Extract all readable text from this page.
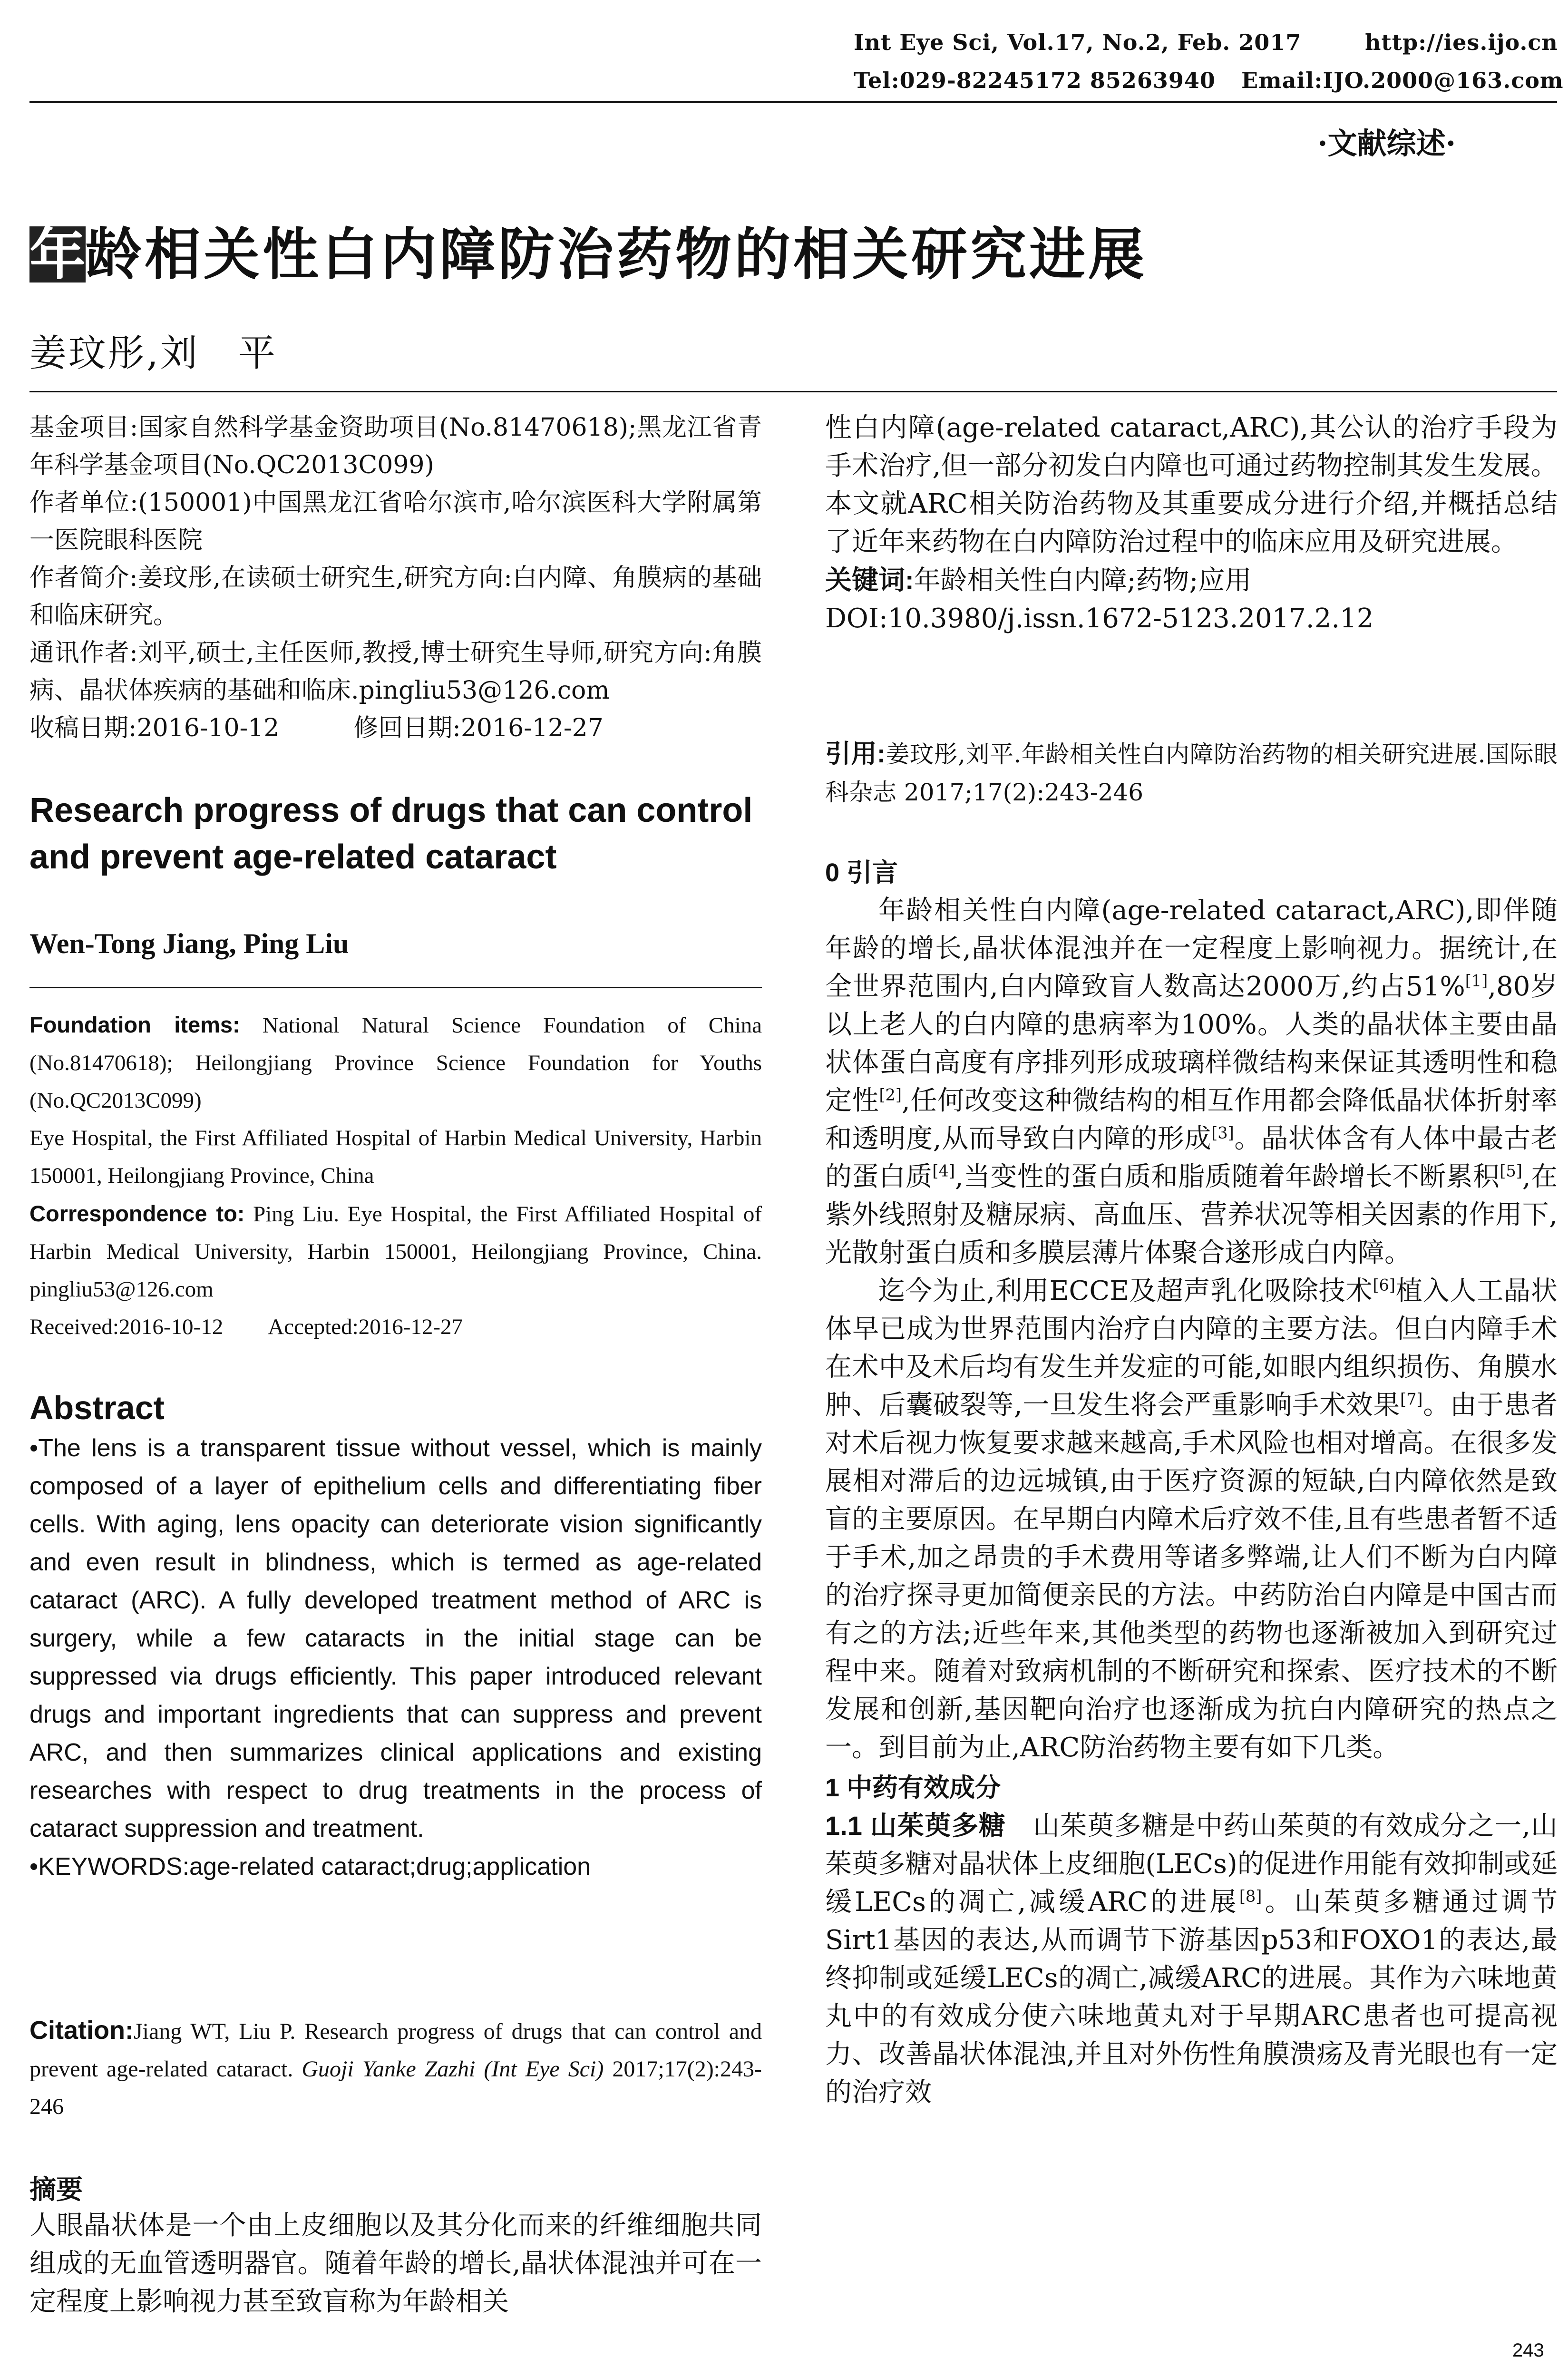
Int Eye Sci, Vol.17, No.2, Feb. 2017	http://ies.ijo.cn
Tel:029-82245172 85263940 Email:IJO.2000@163.com
·文献综述·
年龄相关性白内障防治药物的相关研究进展
姜玟彤,刘　平

基金项目:国家自然科学基金资助项目(No.81470618);黑龙江省青年科学基金项目(No.QC2013C099)

作者单位:(150001)中国黑龙江省哈尔滨市,哈尔滨医科大学附属第一医院眼科医院

作者简介:姜玟彤,在读硕士研究生,研究方向:白内障、角膜病的基础和临床研究。

通讯作者:刘平,硕士,主任医师,教授,博士研究生导师,研究方向:角膜病、晶状体疾病的基础和临床.pingliu53@126.com

收稿日期:2016-10-12　　　修回日期:2016-12-27

Research progress of drugs that can control and prevent age-related cataract
Wen-Tong Jiang, Ping Liu

Foundation items: National Natural Science Foundation of China (No.81470618); Heilongjiang Province Science Foundation for Youths (No.QC2013C099)

Eye Hospital, the First Affiliated Hospital of Harbin Medical University, Harbin 150001, Heilongjiang Province, China

Correspondence to: Ping Liu. Eye Hospital, the First Affiliated Hospital of Harbin Medical University, Harbin 150001, Heilongjiang Province, China. pingliu53@126.com

Received:2016-10-12　　Accepted:2016-12-27

Abstract

•The lens is a transparent tissue without vessel, which is mainly composed of a layer of epithelium cells and differentiating fiber cells. With aging, lens opacity can deteriorate vision significantly and even result in blindness, which is termed as age-related cataract (ARC). A fully developed treatment method of ARC is surgery, while a few cataracts in the initial stage can be suppressed via drugs efficiently. This paper introduced relevant drugs and important ingredients that can suppress and prevent ARC, and then summarizes clinical applications and existing researches with respect to drug treatments in the process of cataract suppression and treatment.

•KEYWORDS:age-related cataract;drug;application

Citation:Jiang WT, Liu P. Research progress of drugs that can control and prevent age-related cataract. Guoji Yanke Zazhi (Int Eye Sci) 2017;17(2):243-246

摘要

人眼晶状体是一个由上皮细胞以及其分化而来的纤维细胞共同组成的无血管透明器官。随着年龄的增长,晶状体混浊并可在一定程度上影响视力甚至致盲称为年龄相关

性白内障(age-related cataract,ARC),其公认的治疗手段为手术治疗,但一部分初发白内障也可通过药物控制其发生发展。本文就ARC相关防治药物及其重要成分进行介绍,并概括总结了近年来药物在白内障防治过程中的临床应用及研究进展。

关键词:年龄相关性白内障;药物;应用

DOI:10.3980/j.issn.1672-5123.2017.2.12

引用:姜玟彤,刘平.年龄相关性白内障防治药物的相关研究进展.国际眼科杂志 2017;17(2):243-246

0 引言

年龄相关性白内障(age-related cataract,ARC),即伴随年龄的增长,晶状体混浊并在一定程度上影响视力。据统计,在全世界范围内,白内障致盲人数高达2000万,约占51%[1],80岁以上老人的白内障的患病率为100%。人类的晶状体主要由晶状体蛋白高度有序排列形成玻璃样微结构来保证其透明性和稳定性[2],任何改变这种微结构的相互作用都会降低晶状体折射率和透明度,从而导致白内障的形成[3]。晶状体含有人体中最古老的蛋白质[4],当变性的蛋白质和脂质随着年龄增长不断累积[5],在紫外线照射及糖尿病、高血压、营养状况等相关因素的作用下,光散射蛋白质和多膜层薄片体聚合遂形成白内障。

迄今为止,利用ECCE及超声乳化吸除技术[6]植入人工晶状体早已成为世界范围内治疗白内障的主要方法。但白内障手术在术中及术后均有发生并发症的可能,如眼内组织损伤、角膜水肿、后囊破裂等,一旦发生将会严重影响手术效果[7]。由于患者对术后视力恢复要求越来越高,手术风险也相对增高。在很多发展相对滞后的边远城镇,由于医疗资源的短缺,白内障依然是致盲的主要原因。在早期白内障术后疗效不佳,且有些患者暂不适于手术,加之昂贵的手术费用等诸多弊端,让人们不断为白内障的治疗探寻更加简便亲民的方法。中药防治白内障是中国古而有之的方法;近些年来,其他类型的药物也逐渐被加入到研究过程中来。随着对致病机制的不断研究和探索、医疗技术的不断发展和创新,基因靶向治疗也逐渐成为抗白内障研究的热点之一。到目前为止,ARC防治药物主要有如下几类。

1 中药有效成分

1.1 山茱萸多糖　山茱萸多糖是中药山茱萸的有效成分之一,山茱萸多糖对晶状体上皮细胞(LECs)的促进作用能有效抑制或延缓LECs的凋亡,减缓ARC的进展[8]。山茱萸多糖通过调节Sirt1基因的表达,从而调节下游基因p53和FOXO1的表达,最终抑制或延缓LECs的凋亡,减缓ARC的进展。其作为六味地黄丸中的有效成分使六味地黄丸对于早期ARC患者也可提高视力、改善晶状体混浊,并且对外伤性角膜溃疡及青光眼也有一定的治疗效

243
